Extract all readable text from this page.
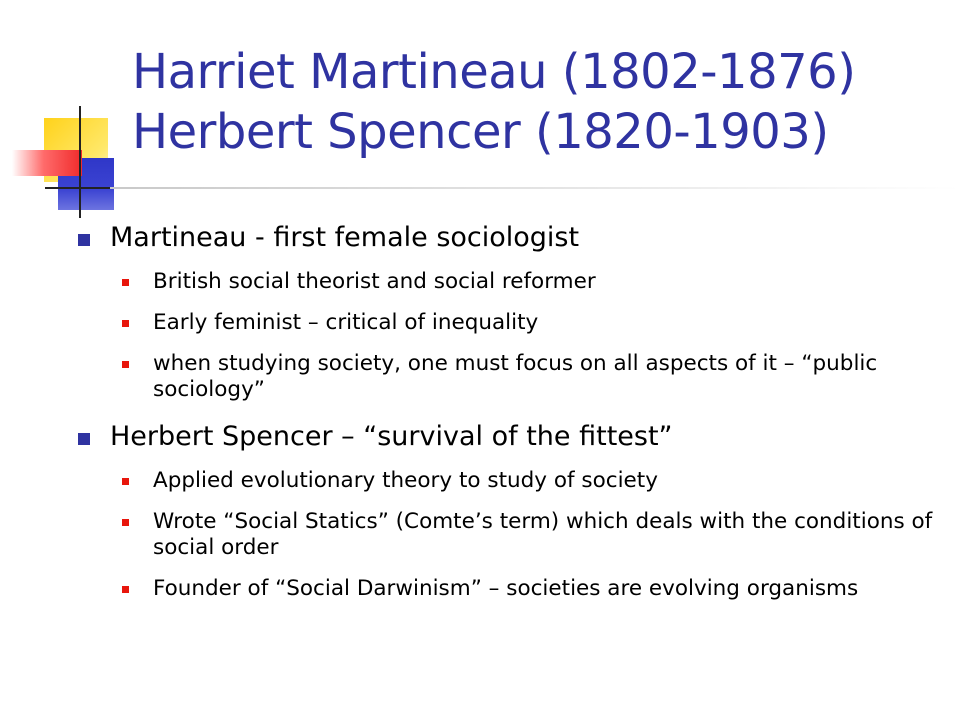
Harriet Martineau (1802-1876)
Herbert Spencer (1820-1903)
Martineau - first female sociologist
British social theorist and social reformer
Early feminist – critical of inequality
when studying society, one must focus on all aspects of it – “public sociology”
Herbert Spencer – “survival of the fittest”
Applied evolutionary theory to study of society
Wrote “Social Statics” (Comte’s term) which deals with the conditions of social order
Founder of “Social Darwinism” – societies are evolving organisms
